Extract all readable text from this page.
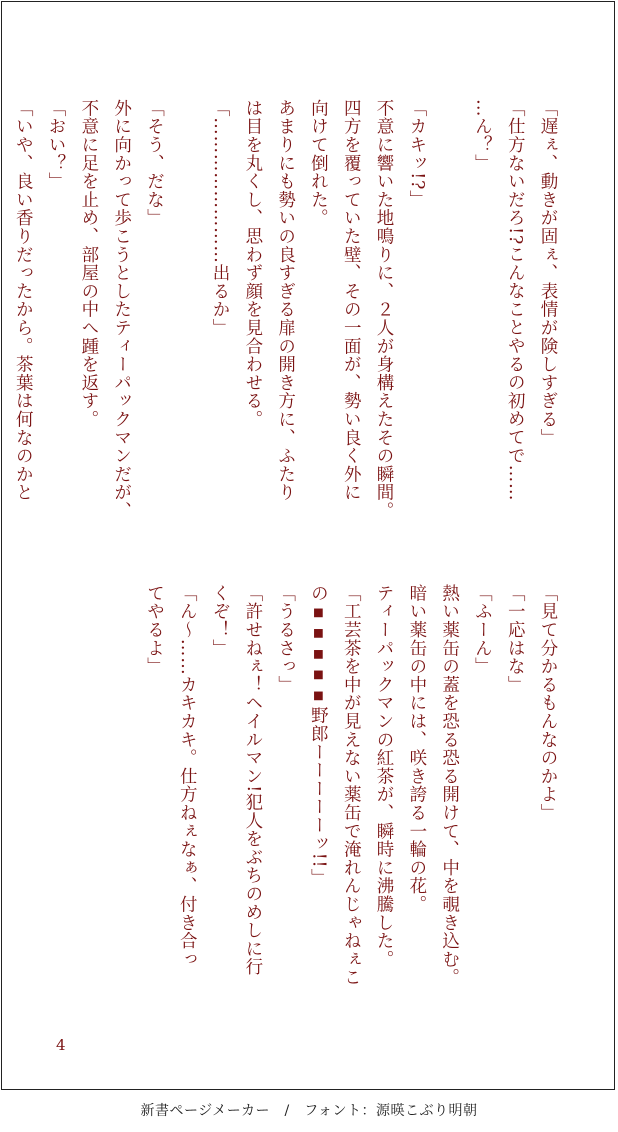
「遅ぇ、動きが固ぇ、表情が険しすぎる」

「仕方ないだろ!?こんなことやるの初めてで……

…ん？」

「カキッ!?」

不意に響いた地鳴りに、２人が身構えたその瞬間。

四方を覆っていた壁、その一面が、勢い良く外に

向けて倒れた。

あまりにも勢いの良すぎる扉の開き方に、ふたり

は目を丸くし、思わず顔を見合わせる。

「……………………出るか」

「そう、だな」

外に向かって歩こうとしたティーパックマンだが、

不意に足を止め、部屋の中へ踵を返す。

「おい？」

「いや、良い香りだったから。茶葉は何なのかと

「見て分かるもんなのかよ」

「一応はな」

「ふーん」

熱い薬缶の蓋を恐る恐る開けて、中を覗き込む。

暗い薬缶の中には、咲き誇る一輪の花。

ティーパックマンの紅茶が、瞬時に沸騰した。

「工芸茶を中が見えない薬缶で淹れんじゃねぇこ

の▪▪▪▪▪野郎ーーーーーッ!!」

「うるさっ」

「許せねぇ！ヘイルマン!犯人をぶちのめしに行

くぞ！」

「ん～……カキカキ。仕方ねぇなぁ、付き合っ

てやるよ」

4
新書ページメーカー　/　フォント：源暎こぶり明朝
